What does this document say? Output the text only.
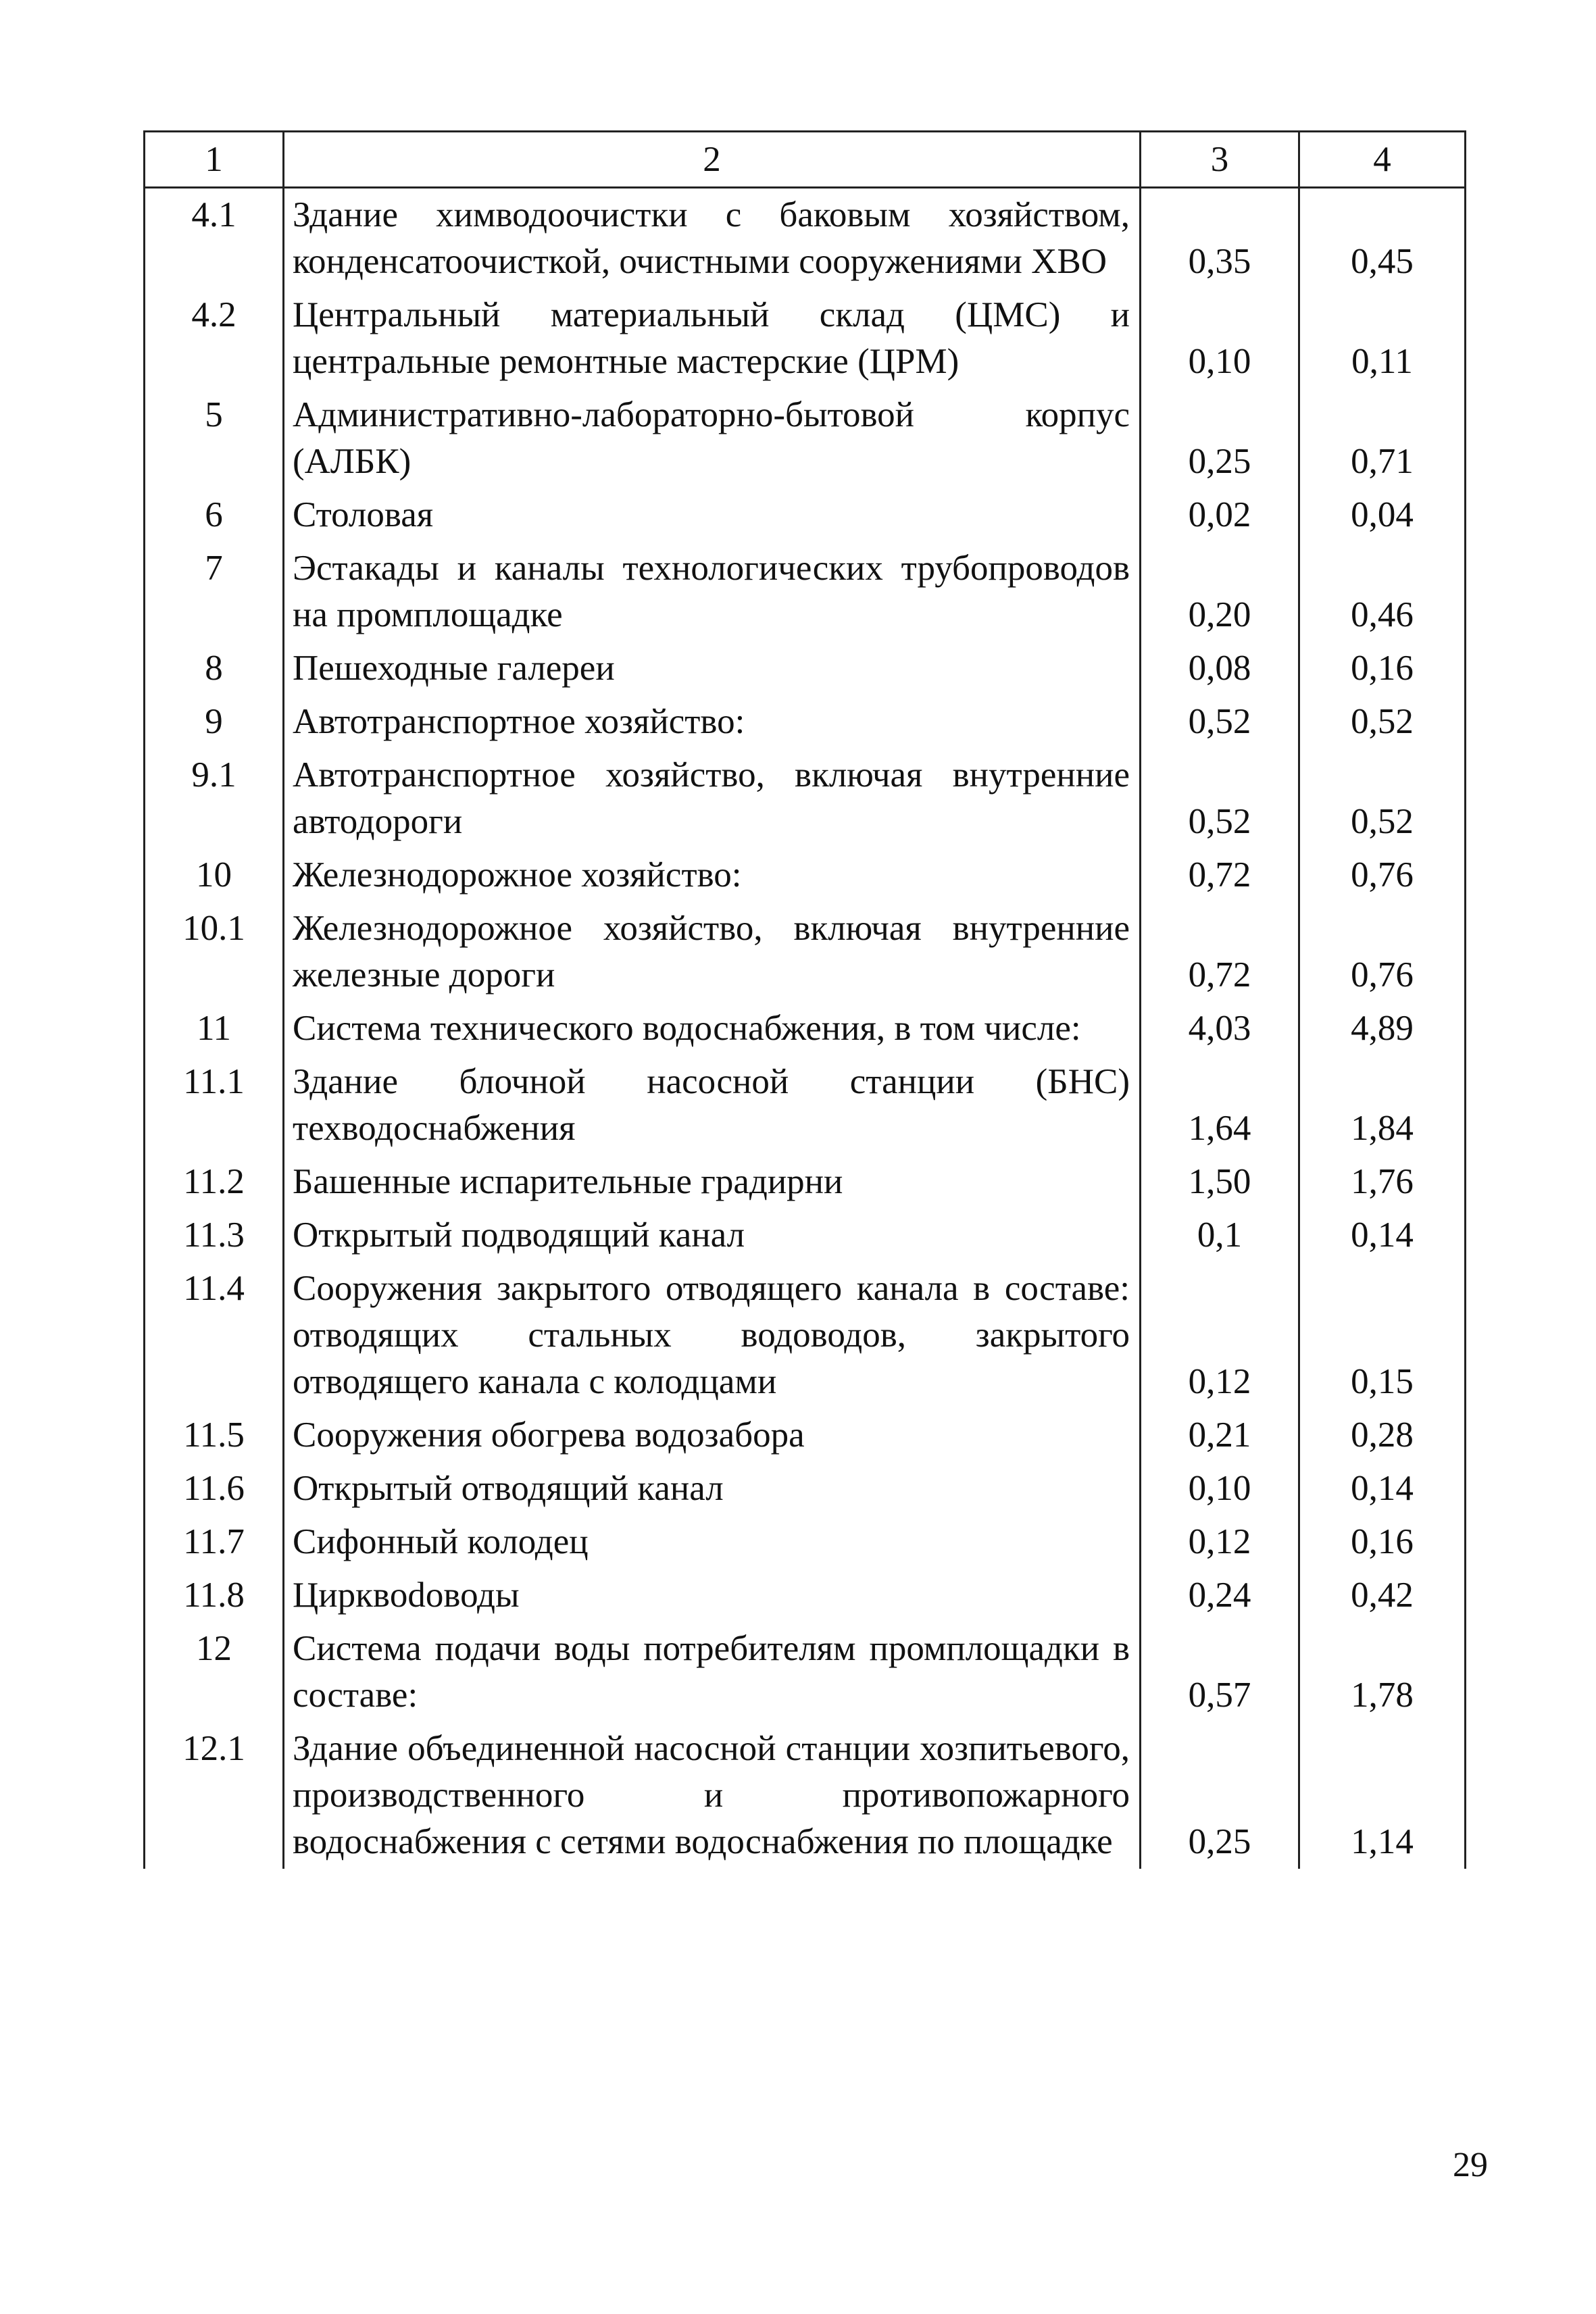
1	2	3	4
4.1	Здание химводоочистки с баковым хозяйством, конденсатоочисткой, очистными сооружениями ХВО	0,35	0,45
4.2	Центральный материальный склад (ЦМС) и центральные ремонтные мастерские (ЦРМ)	0,10	0,11
5	Административно-лабораторно-бытовой корпус (АЛБК)	0,25	0,71
6	Столовая	0,02	0,04
7	Эстакады и каналы технологических трубопроводов на промплощадке	0,20	0,46
8	Пешеходные галереи	0,08	0,16
9	Автотранспортное хозяйство:	0,52	0,52
9.1	Автотранспортное хозяйство, включая внутренние автодороги	0,52	0,52
10	Железнодорожное хозяйство:	0,72	0,76
10.1	Железнодорожное хозяйство, включая внутренние железные дороги	0,72	0,76
11	Система технического водоснабжения, в том числе:	4,03	4,89
11.1	Здание блочной насосной станции (БНС) техводоснабжения	1,64	1,84
11.2	Башенные испарительные градирни	1,50	1,76
11.3	Открытый подводящий канал	0,1	0,14
11.4	Сооружения закрытого отводящего канала в составе: отводящих стальных водоводов, закрытого отводящего канала с колодцами	0,12	0,15
11.5	Сооружения обогрева водозабора	0,21	0,28
11.6	Открытый отводящий канал	0,10	0,14
11.7	Сифонный колодец	0,12	0,16
11.8	Цирквodоводы	0,24	0,42
12	Система подачи воды потребителям промплощадки в составе:	0,57	1,78
12.1	Здание объединенной насосной станции хозпитьевого, производственного и противопожарного водоснабжения с сетями водоснабжения по площадке	0,25	1,14
29
